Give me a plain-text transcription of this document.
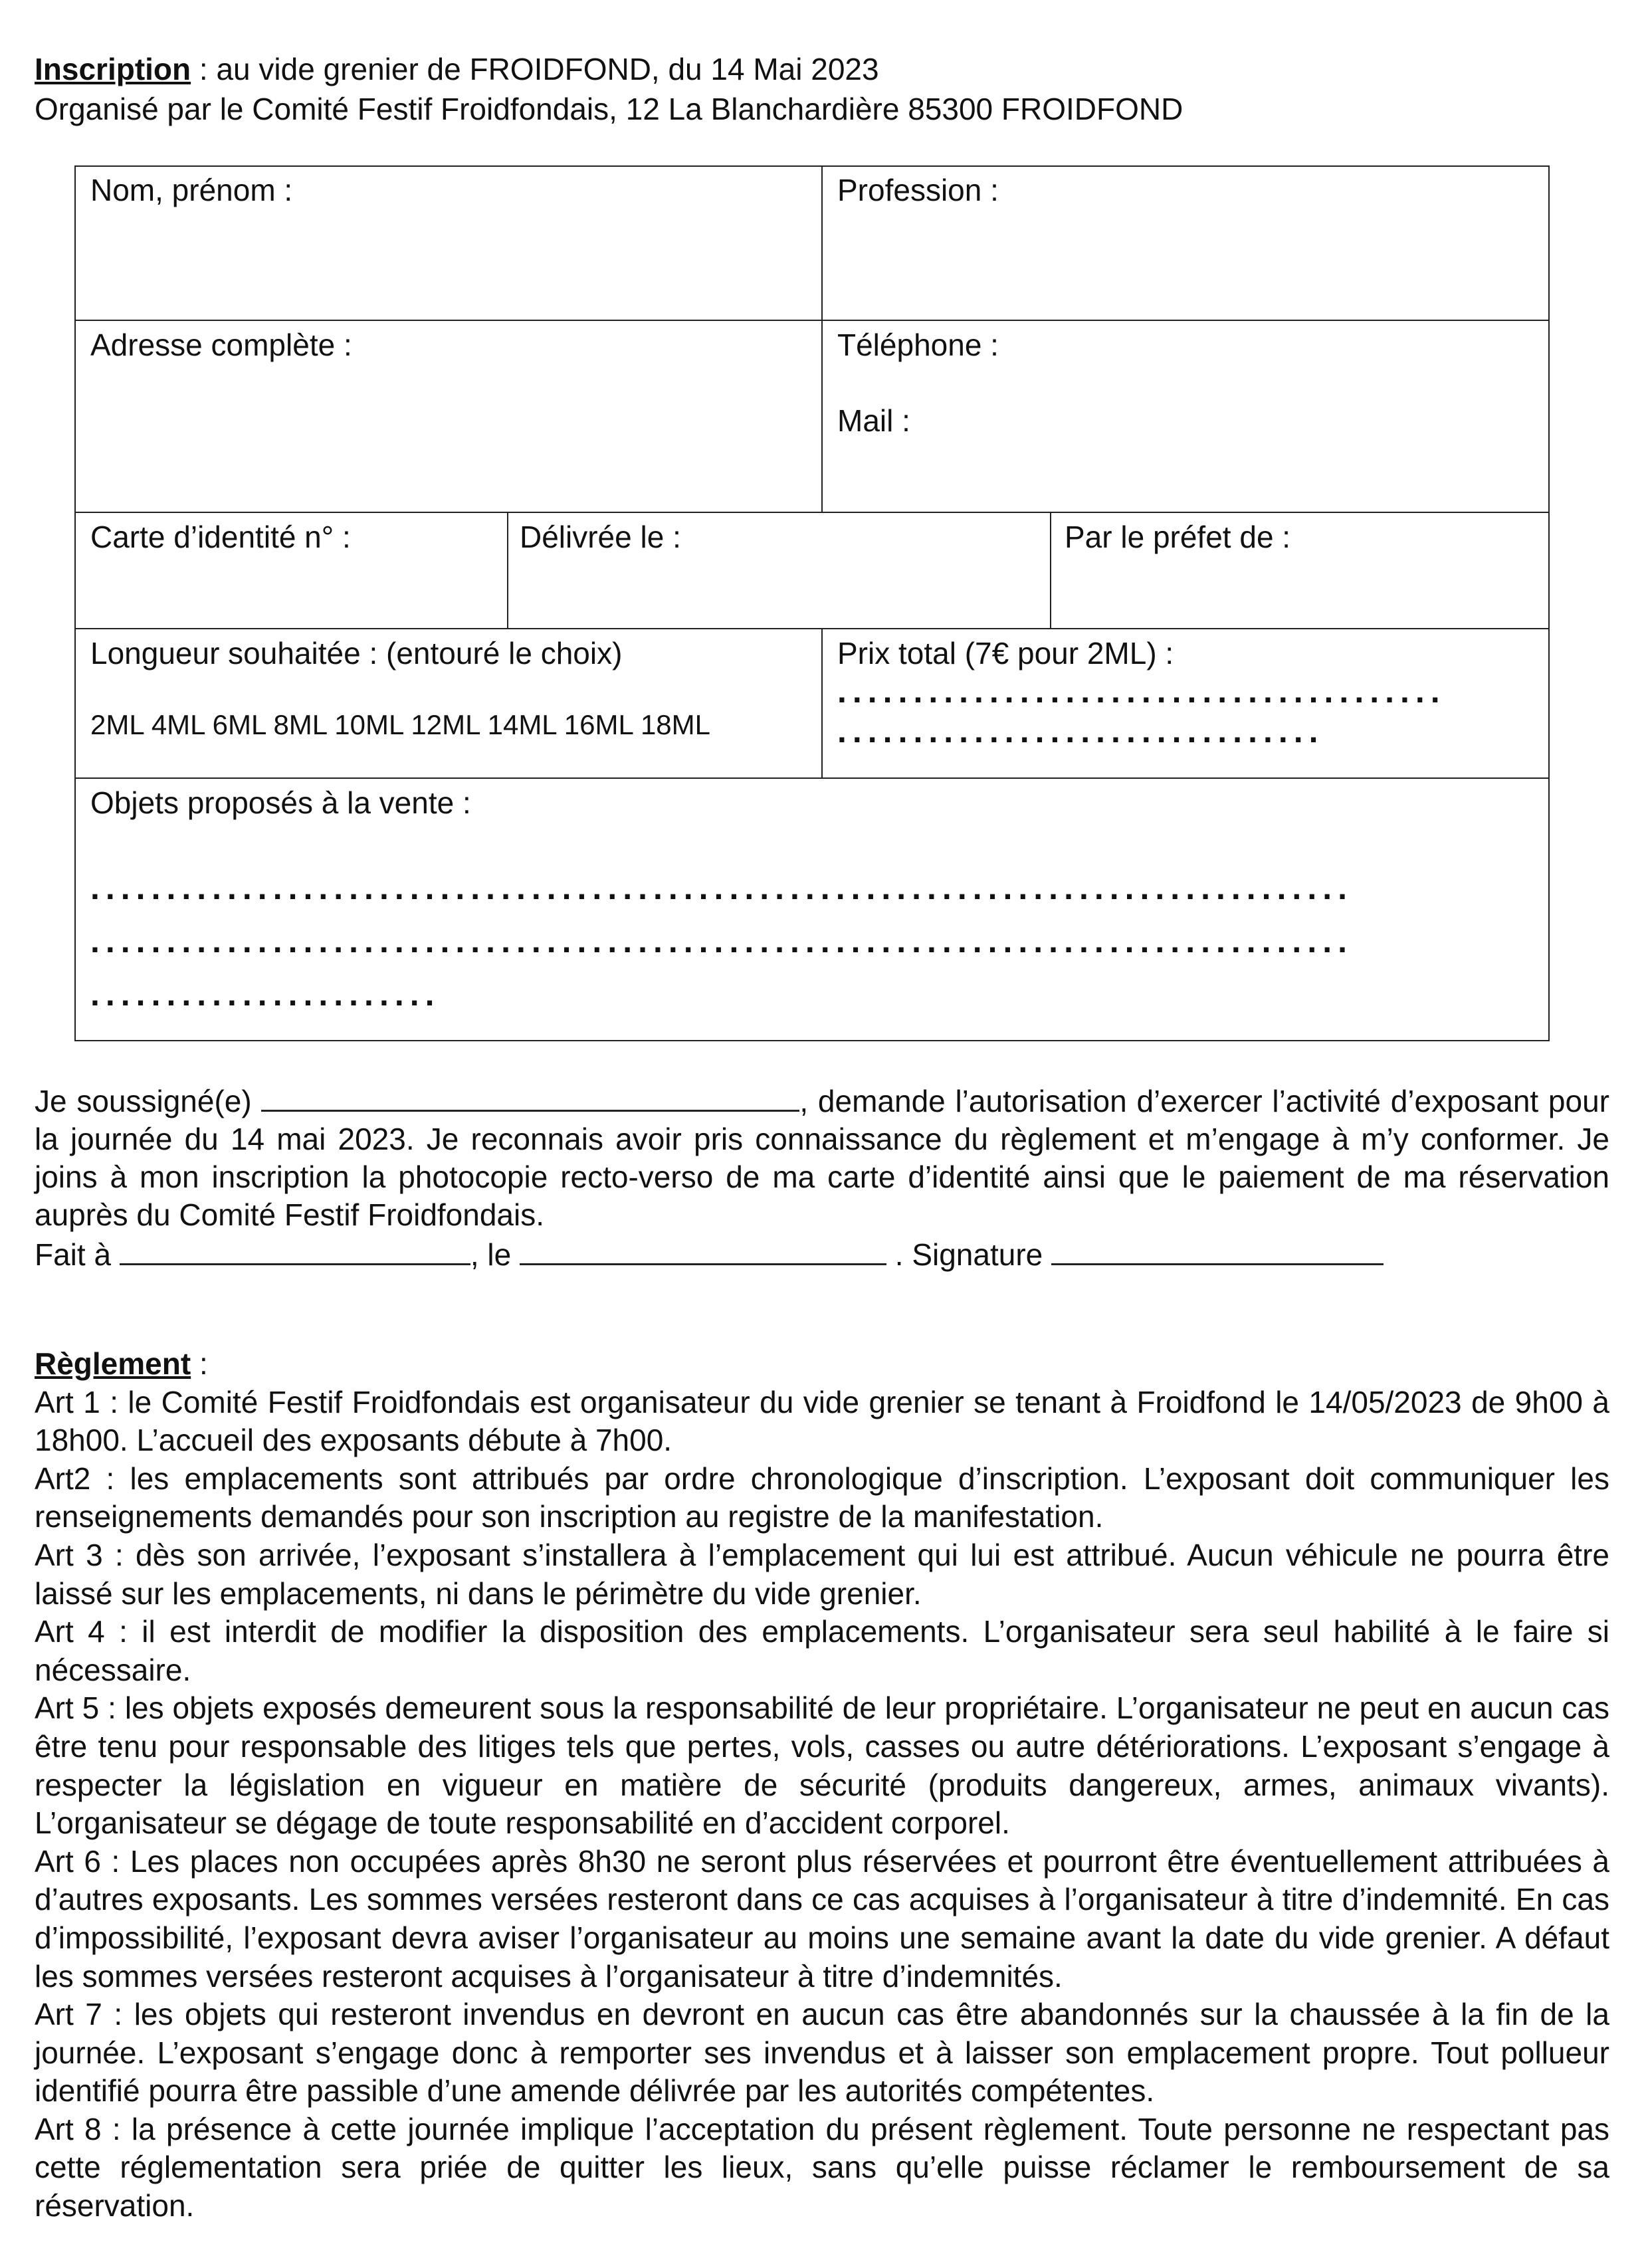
Inscription : au vide grenier de FROIDFOND, du 14 Mai 2023
Organisé par le Comité Festif Froidfondais, 12 La Blanchardière 85300 FROIDFOND
Nom, prénom :	Profession :
Adresse complète :	Téléphone :
Mail :
Carte d’identité n° :	Délivrée le :	Par le préfet de :
Longueur souhaitée : (entouré le choix)
2ML 4ML 6ML 8ML 10ML 12ML 14ML 16ML 18ML
Prix total (7€ pour 2ML) :
........................................
................................
Objets proposés à la vente :
...................................................................................
...................................................................................
.......................

Je soussigné(e)	, demande l’autorisation d’exercer l’activité d’exposant pour la journée du 14 mai 2023. Je reconnais avoir pris connaissance du règlement et m’engage à m’y conformer. Je joins à mon inscription la photocopie recto-verso de ma carte d’identité ainsi que le paiement de ma réservation auprès du Comité Festif Froidfondais.

Fait à	, le	. Signature

Règlement :

Art 1 : le Comité Festif Froidfondais est organisateur du vide grenier se tenant à Froidfond le 14/05/2023 de 9h00 à 18h00. L’accueil des exposants débute à 7h00.

Art2 : les emplacements sont attribués par ordre chronologique d’inscription. L’exposant doit communiquer les renseignements demandés pour son inscription au registre de la manifestation.

Art 3 : dès son arrivée, l’exposant s’installera à l’emplacement qui lui est attribué. Aucun véhicule ne pourra être laissé sur les emplacements, ni dans le périmètre du vide grenier.

Art 4 : il est interdit de modifier la disposition des emplacements. L’organisateur sera seul habilité à le faire si nécessaire.

Art 5 : les objets exposés demeurent sous la responsabilité de leur propriétaire. L’organisateur ne peut en aucun cas être tenu pour responsable des litiges tels que pertes, vols, casses ou autre détériorations. L’exposant s’engage à respecter la législation en vigueur en matière de sécurité (produits dangereux, armes, animaux vivants). L’organisateur se dégage de toute responsabilité en d’accident corporel.

Art 6 : Les places non occupées après 8h30 ne seront plus réservées et pourront être éventuellement attribuées à d’autres exposants. Les sommes versées resteront dans ce cas acquises à l’organisateur à titre d’indemnité. En cas d’impossibilité, l’exposant devra aviser l’organisateur au moins une semaine avant la date du vide grenier. A défaut les sommes versées resteront acquises à l’organisateur à titre d’indemnités.

Art 7 : les objets qui resteront invendus en devront en aucun cas être abandonnés sur la chaussée à la fin de la journée. L’exposant s’engage donc à remporter ses invendus et à laisser son emplacement propre. Tout pollueur identifié pourra être passible d’une amende délivrée par les autorités compétentes.

Art 8 : la présence à cette journée implique l’acceptation du présent règlement. Toute personne ne respectant pas cette réglementation sera priée de quitter les lieux, sans qu’elle puisse réclamer le remboursement de sa réservation.
